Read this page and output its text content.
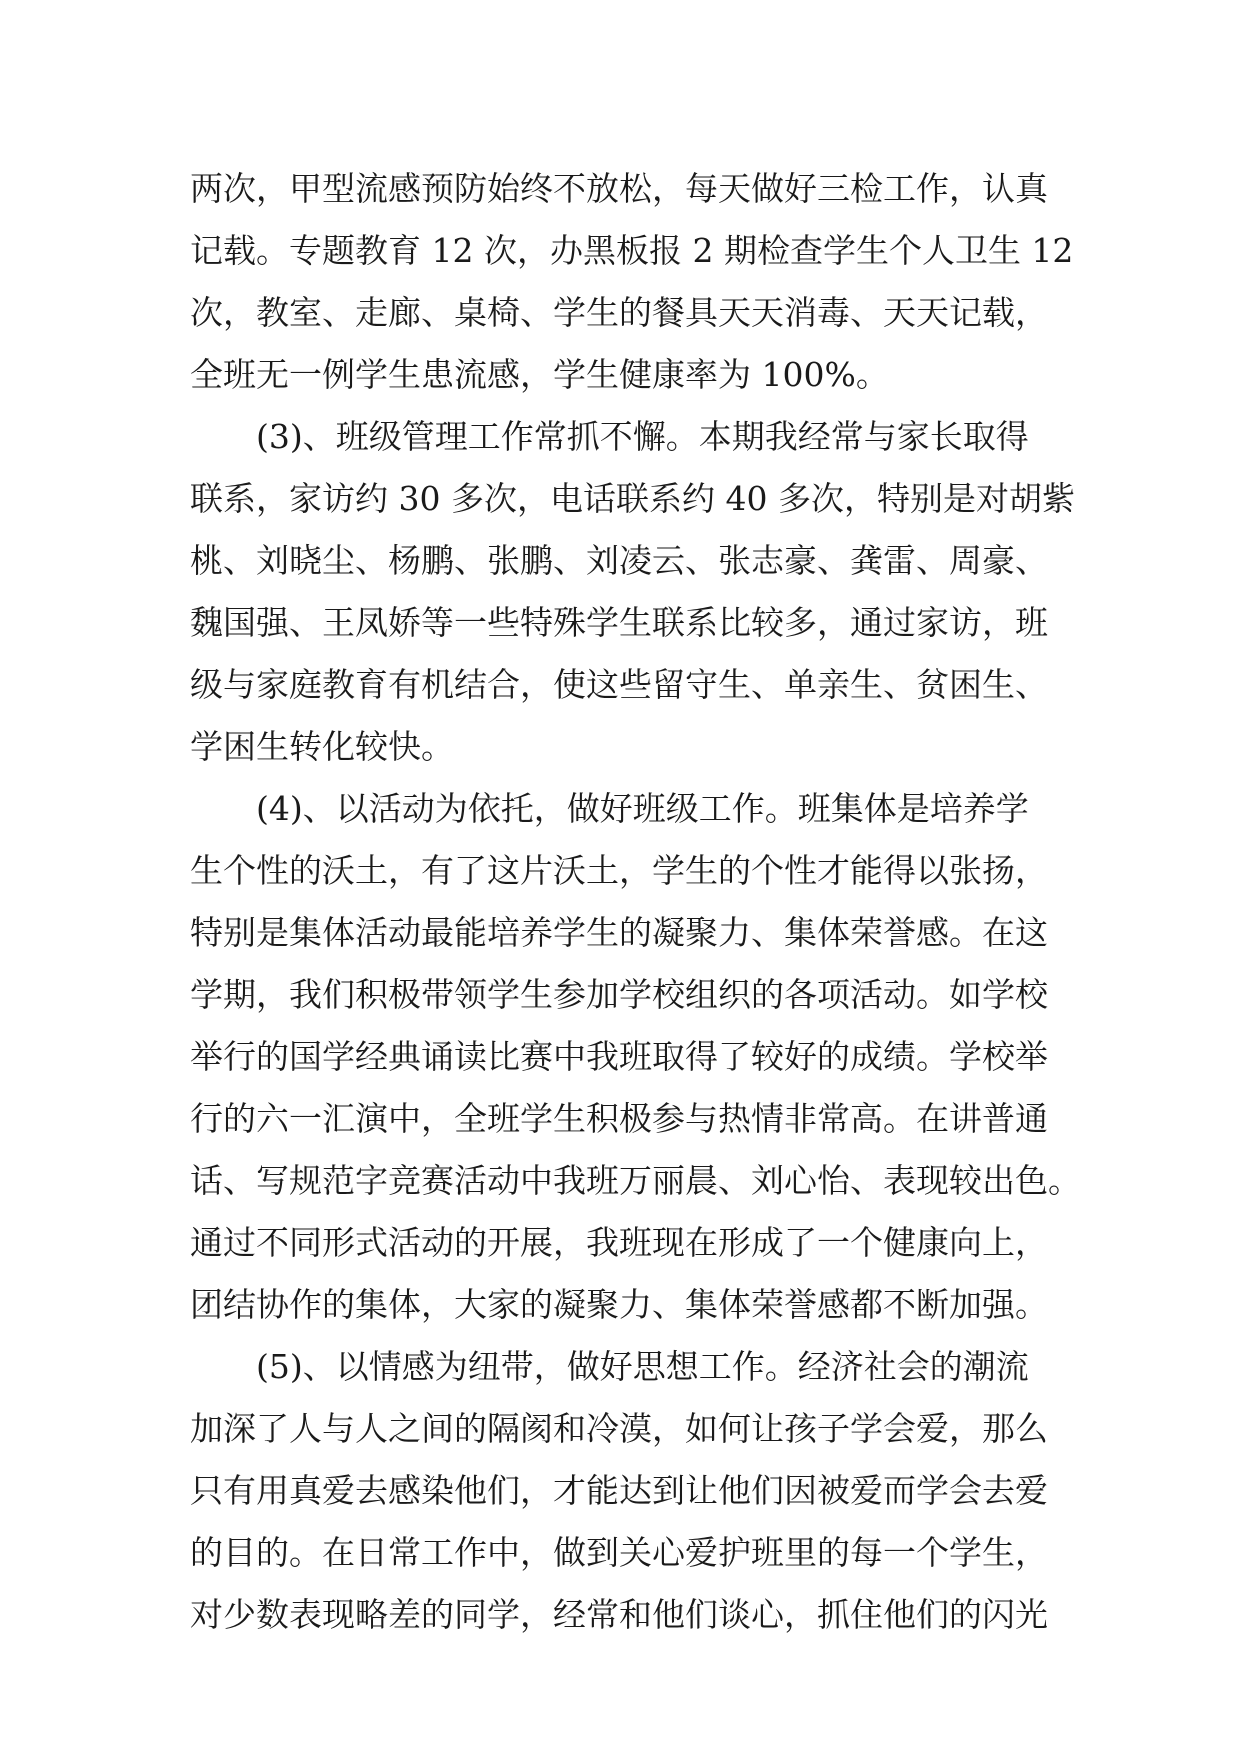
两次，甲型流感预防始终不放松，每天做好三检工作，认真
记载。专题教育 12 次，办黑板报 2 期检查学生个人卫生 12
次，教室、走廊、桌椅、学生的餐具天天消毒、天天记载，
全班无一例学生患流感，学生健康率为 100%。
(3)、班级管理工作常抓不懈。本期我经常与家长取得
联系，家访约 30 多次，电话联系约 40 多次，特别是对胡紫
桃、刘晓尘、杨鹏、张鹏、刘凌云、张志豪、龚雷、周豪、
魏国强、王凤娇等一些特殊学生联系比较多，通过家访，班
级与家庭教育有机结合，使这些留守生、单亲生、贫困生、
学困生转化较快。
(4)、以活动为依托，做好班级工作。班集体是培养学
生个性的沃土，有了这片沃土，学生的个性才能得以张扬，
特别是集体活动最能培养学生的凝聚力、集体荣誉感。在这
学期，我们积极带领学生参加学校组织的各项活动。如学校
举行的国学经典诵读比赛中我班取得了较好的成绩。学校举
行的六一汇演中，全班学生积极参与热情非常高。在讲普通
话、写规范字竞赛活动中我班万丽晨、刘心怡、表现较出色。
通过不同形式活动的开展，我班现在形成了一个健康向上，
团结协作的集体，大家的凝聚力、集体荣誉感都不断加强。
(5)、以情感为纽带，做好思想工作。经济社会的潮流
加深了人与人之间的隔阂和冷漠，如何让孩子学会爱，那么
只有用真爱去感染他们，才能达到让他们因被爱而学会去爱
的目的。在日常工作中，做到关心爱护班里的每一个学生，
对少数表现略差的同学，经常和他们谈心，抓住他们的闪光
